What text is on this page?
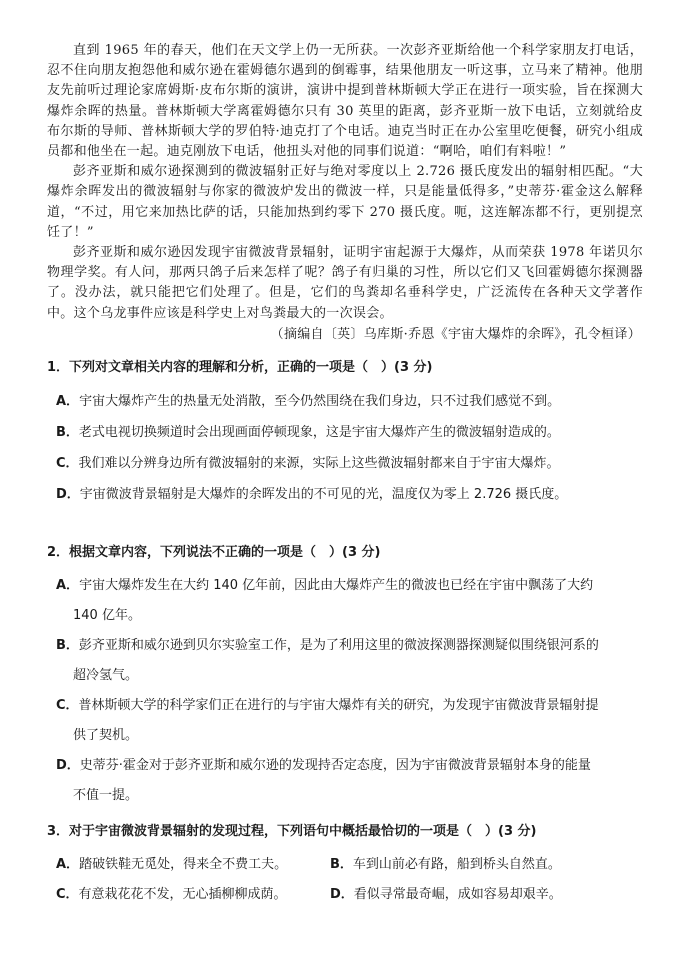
直到 1965 年的春天，他们在天文学上仍一无所获。一次彭齐亚斯给他一个科学家朋友打电话，忍不住向朋友抱怨他和威尔逊在霍姆德尔遇到的倒霉事，结果他朋友一听这事，立马来了精神。他朋友先前听过理论家席姆斯·皮布尔斯的演讲，演讲中提到普林斯顿大学正在进行一项实验，旨在探测大爆炸余晖的热量。普林斯顿大学离霍姆德尔只有 30 英里的距离，彭齐亚斯一放下电话，立刻就给皮布尔斯的导师、普林斯顿大学的罗伯特·迪克打了个电话。迪克当时正在办公室里吃便餐，研究小组成员都和他坐在一起。迪克刚放下电话，他扭头对他的同事们说道：“啊哈，咱们有料啦！”

彭齐亚斯和威尔逊探测到的微波辐射正好与绝对零度以上 2.726 摄氏度发出的辐射相匹配。“大爆炸余晖发出的微波辐射与你家的微波炉发出的微波一样，只是能量低得多，”史蒂芬·霍金这么解释道，“不过，用它来加热比萨的话，只能加热到约零下 270 摄氏度。呃，这连解冻都不行，更别提烹饪了！”

彭齐亚斯和威尔逊因发现宇宙微波背景辐射，证明宇宙起源于大爆炸，从而荣获 1978 年诺贝尔物理学奖。有人问，那两只鸽子后来怎样了呢？鸽子有归巢的习性，所以它们又飞回霍姆德尔探测器了。没办法，就只能把它们处理了。但是，它们的鸟粪却名垂科学史，广泛流传在各种天文学著作中。这个乌龙事件应该是科学史上对鸟粪最大的一次误会。

（摘编自〔英〕乌库斯·乔恩《宇宙大爆炸的余晖》，孔令桓译）

1．下列对文章相关内容的理解和分析，正确的一项是（　）(3 分)
A．宇宙大爆炸产生的热量无处消散，至今仍然围绕在我们身边，只不过我们感觉不到。
B．老式电视切换频道时会出现画面停顿现象，这是宇宙大爆炸产生的微波辐射造成的。
C．我们难以分辨身边所有微波辐射的来源，实际上这些微波辐射都来自于宇宙大爆炸。
D．宇宙微波背景辐射是大爆炸的余晖发出的不可见的光，温度仅为零上 2.726 摄氏度。
2．根据文章内容，下列说法不正确的一项是（　）(3 分)
A．宇宙大爆炸发生在大约 140 亿年前，因此由大爆炸产生的微波也已经在宇宙中飘荡了大约
140 亿年。
B．彭齐亚斯和威尔逊到贝尔实验室工作，是为了利用这里的微波探测器探测疑似围绕银河系的
超冷氢气。
C．普林斯顿大学的科学家们正在进行的与宇宙大爆炸有关的研究，为发现宇宙微波背景辐射提
供了契机。
D．史蒂芬·霍金对于彭齐亚斯和威尔逊的发现持否定态度，因为宇宙微波背景辐射本身的能量
不值一提。
3．对于宇宙微波背景辐射的发现过程，下列语句中概括最恰切的一项是（　）(3 分)
A．踏破铁鞋无觅处，得来全不费工夫。	B．车到山前必有路，船到桥头自然直。
C．有意栽花花不发，无心插柳柳成荫。	D．看似寻常最奇崛，成如容易却艰辛。
